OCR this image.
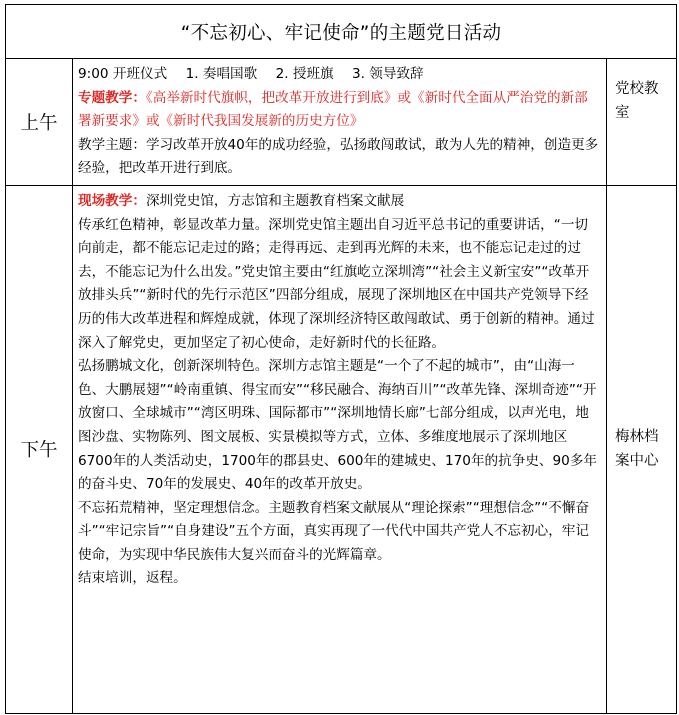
“不忘初心、牢记使命”的主题党日活动		
上午	9:00 开班仪式 1. 奏唱国歌 2. 授班旗 3. 领导致辞

专题教学：《高举新时代旗帜，把改革开放进行到底》或《新时代全面从严治党的新部署新要求》或《新时代我国发展新的历史方位》

教学主题：学习改革开放40年的成功经验，弘扬敢闯敢试，敢为人先的精神，创造更多经验，把改革开进行到底。	党校教室
下午	现场教学：深圳党史馆，方志馆和主题教育档案文献展

传承红色精神，彰显改革力量。深圳党史馆主题出自习近平总书记的重要讲话，“一切向前走，都不能忘记走过的路；走得再远、走到再光辉的未来，也不能忘记走过的过去，不能忘记为什么出发。”党史馆主要由“红旗屹立深圳湾”“社会主义新宝安”“改革开放排头兵”“新时代的先行示范区”四部分组成，展现了深圳地区在中国共产党领导下经历的伟大改革进程和辉煌成就，体现了深圳经济特区敢闯敢试、勇于创新的精神。通过深入了解党史，更加坚定了初心使命，走好新时代的长征路。

弘扬鹏城文化，创新深圳特色。深圳方志馆主题是“一个了不起的城市”，由“山海一色、大鹏展翅”“岭南重镇、得宝而安”“移民融合、海纳百川”“改革先锋、深圳奇迹”“开放窗口、全球城市”“湾区明珠、国际都市”“深圳地情长廊”七部分组成，以声光电，地图沙盘、实物陈列、图文展板、实景模拟等方式，立体、多维度地展示了深圳地区6700年的人类活动史，1700年的郡县史、600年的建城史、170年的抗争史、90多年的奋斗史、70年的发展史、40年的改革开放史。

不忘拓荒精神，坚定理想信念。主题教育档案文献展从“理论探索”“理想信念”“不懈奋斗”“牢记宗旨”“自身建设”五个方面，真实再现了一代代中国共产党人不忘初心，牢记使命，为实现中华民族伟大复兴而奋斗的光辉篇章。

结束培训，返程。	梅林档案中心
